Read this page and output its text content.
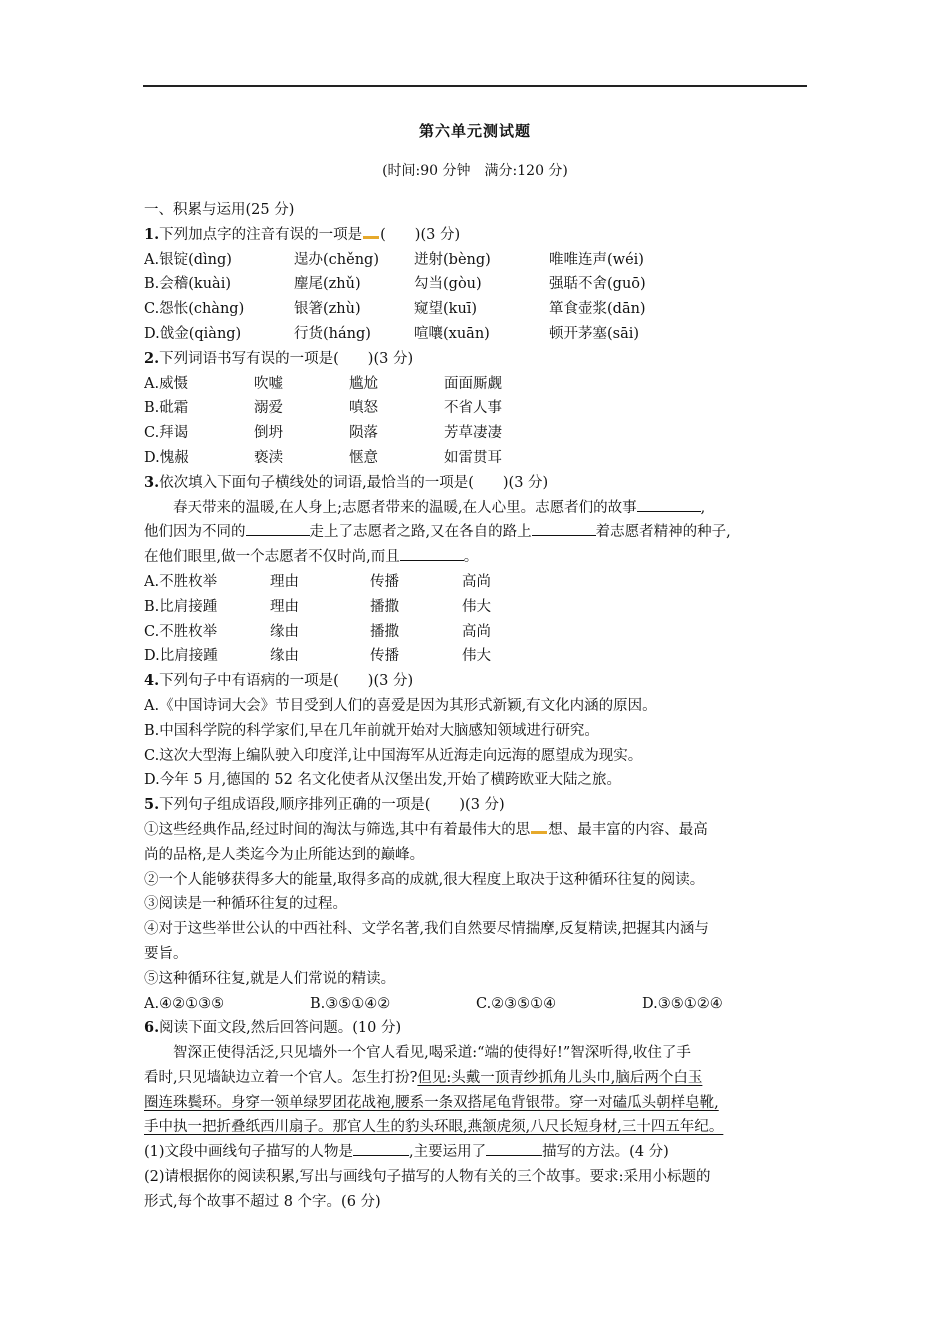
第六单元测试题
(时间:90 分钟　满分:120 分)
一、积累与运用(25 分)
1.下列加点字的注音有误的一项是 (　　)(3 分)
A.银锭(dìng)	逞办(chěng)	迸射(bèng)	唯唯连声(wéi)
B.会稽(kuài)	麈尾(zhǔ)	勾当(gòu)	强聒不舍(guō)
C.怨怅(chàng)	银箸(zhù)	窥望(kuī)	箪食壶浆(dān)
D.戗金(qiàng)	行货(háng)	喧嚷(xuān)	顿开茅塞(sāi)
2.下列词语书写有误的一项是(　　)(3 分)
A.威慑	吹嘘	尴尬	面面厮觑
B.砒霜	溺爱	嗔怒	不省人事
C.拜谒	倒坍	陨落	芳草凄凄
D.愧赧	亵渎	惬意	如雷贯耳
3.依次填入下面句子横线处的词语,最恰当的一项是(　　)(3 分)
春天带来的温暖,在人身上;志愿者带来的温暖,在人心里。志愿者们的故事	,
他们因为不同的	走上了志愿者之路,又在各自的路上	着志愿者精神的种子,
在他们眼里,做一个志愿者不仅时尚,而且	。
A.不胜枚举	理由	传播	高尚
B.比肩接踵	理由	播撒	伟大
C.不胜枚举	缘由	播撒	高尚
D.比肩接踵	缘由	传播	伟大
4.下列句子中有语病的一项是(　　)(3 分)
A.《中国诗词大会》节目受到人们的喜爱是因为其形式新颖,有文化内涵的原因。
B.中国科学院的科学家们,早在几年前就开始对大脑感知领域进行研究。
C.这次大型海上编队驶入印度洋,让中国海军从近海走向远海的愿望成为现实。
D.今年 5 月,德国的 52 名文化使者从汉堡出发,开始了横跨欧亚大陆之旅。
5.下列句子组成语段,顺序排列正确的一项是(　　)(3 分)
①这些经典作品,经过时间的淘汰与筛选,其中有着最伟大的思 想、最丰富的内容、最高
尚的品格,是人类迄今为止所能达到的巅峰。
②一个人能够获得多大的能量,取得多高的成就,很大程度上取决于这种循环往复的阅读。
③阅读是一种循环往复的过程。
④对于这些举世公认的中西社科、文学名著,我们自然要尽情揣摩,反复精读,把握其内涵与
要旨。
⑤这种循环往复,就是人们常说的精读。
A.④②①③⑤	B.③⑤①④②	C.②③⑤①④	D.③⑤①②④
6.阅读下面文段,然后回答问题。(10 分)
智深正使得活泛,只见墙外一个官人看见,喝采道:“端的使得好!”智深听得,收住了手
看时,只见墙缺边立着一个官人。怎生打扮?但见:头戴一顶青纱抓角儿头巾,脑后两个白玉
圈连珠鬓环。身穿一领单绿罗团花战袍,腰系一条双搭尾龟背银带。穿一对磕瓜头朝样皂靴,
手中执一把折叠纸西川扇子。那官人生的豹头环眼,燕颔虎须,八尺长短身材,三十四五年纪。
(1)文段中画线句子描写的人物是	,主要运用了	描写的方法。(4 分)
(2)请根据你的阅读积累,写出与画线句子描写的人物有关的三个故事。要求:采用小标题的
形式,每个故事不超过 8 个字。(6 分)
